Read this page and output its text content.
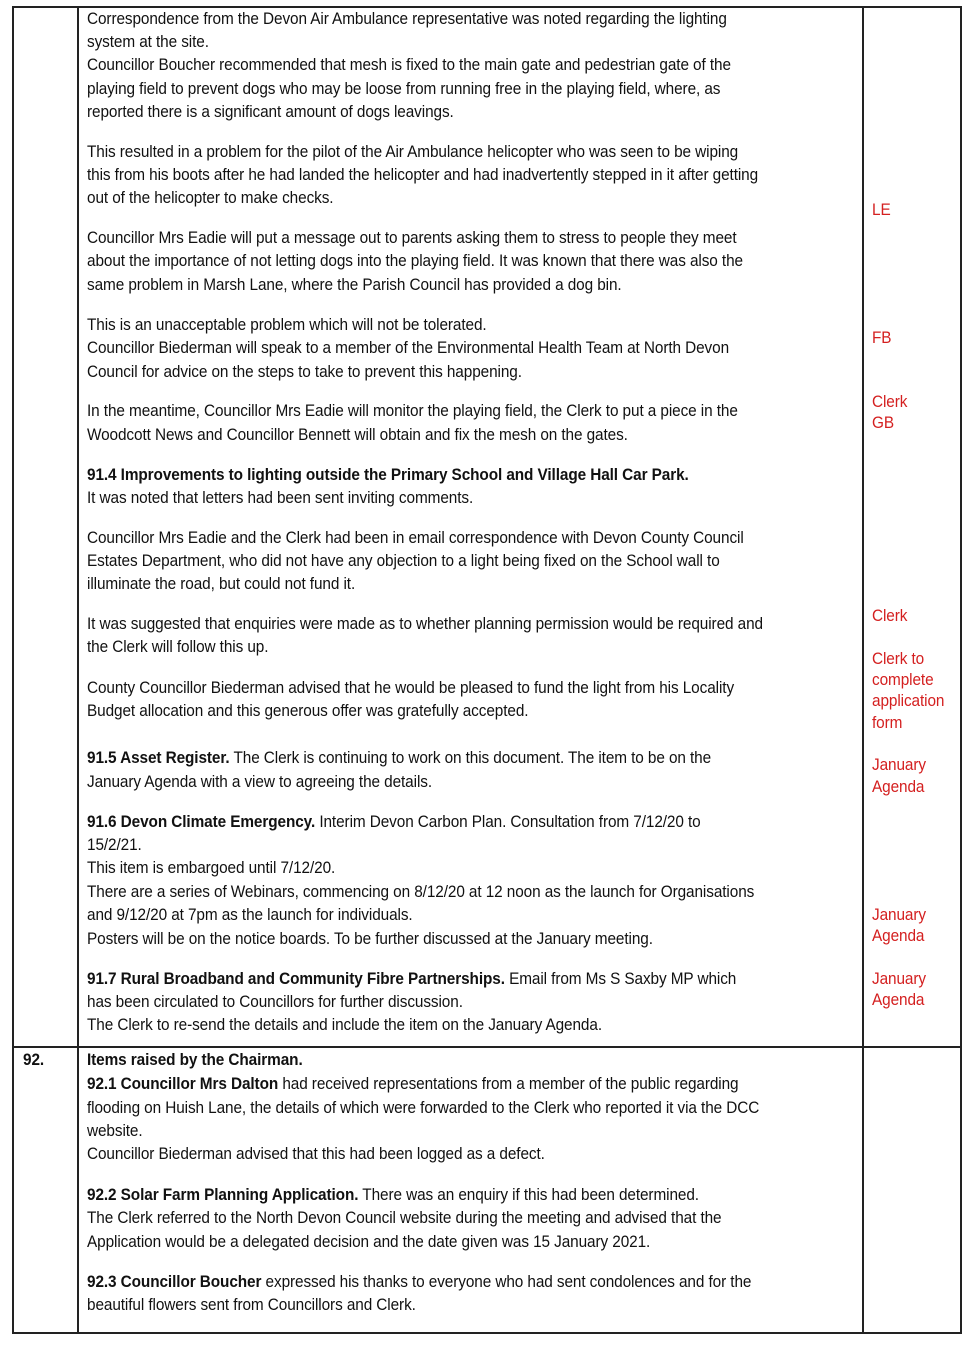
Correspondence from the Devon Air Ambulance representative was noted regarding the lighting
system at the site.
Councillor Boucher recommended that mesh is fixed to the main gate and pedestrian gate of the
playing field to prevent dogs who may be loose from running free in the playing field, where, as
reported there is a significant amount of dogs leavings.
This resulted in a problem for the pilot of the Air Ambulance helicopter who was seen to be wiping
this from his boots after he had landed the helicopter and had inadvertently stepped in it after getting
out of the helicopter to make checks.
Councillor Mrs Eadie will put a message out to parents asking them to stress to people they meet
about the importance of not letting dogs into the playing field. It was known that there was also the
same problem in Marsh Lane, where the Parish Council has provided a dog bin.
This is an unacceptable problem which will not be tolerated.
Councillor Biederman will speak to a member of the Environmental Health Team at North Devon
Council for advice on the steps to take to prevent this happening.
In the meantime, Councillor Mrs Eadie will monitor the playing field, the Clerk to put a piece in the
Woodcott News and Councillor Bennett will obtain and fix the mesh on the gates.
91.4 Improvements to lighting outside the Primary School and Village Hall Car Park.
It was noted that letters had been sent inviting comments.
Councillor Mrs Eadie and the Clerk had been in email correspondence with Devon County Council
Estates Department, who did not have any objection to a light being fixed on the School wall to
illuminate the road, but could not fund it.
It was suggested that enquiries were made as to whether planning permission would be required and
the Clerk will follow this up.
County Councillor Biederman advised that he would be pleased to fund the light from his Locality
Budget allocation and this generous offer was gratefully accepted.
91.5 Asset Register. The Clerk is continuing to work on this document. The item to be on the
January Agenda with a view to agreeing the details.
91.6 Devon Climate Emergency. Interim Devon Carbon Plan. Consultation from 7/12/20 to
15/2/21.
This item is embargoed until 7/12/20.
There are a series of Webinars, commencing on 8/12/20 at 12 noon as the launch for Organisations
and 9/12/20 at 7pm as the launch for individuals.
Posters will be on the notice boards. To be further discussed at the January meeting.
91.7 Rural Broadband and Community Fibre Partnerships. Email from Ms S Saxby MP which
has been circulated to Councillors for further discussion.
The Clerk to re-send the details and include the item on the January Agenda.
LE
FB
Clerk
GB
Clerk
Clerk to
complete
application
form
January
Agenda
January
Agenda
January
Agenda
92.	Items raised by the Chairman.
92.1 Councillor Mrs Dalton had received representations from a member of the public regarding
flooding on Huish Lane, the details of which were forwarded to the Clerk who reported it via the DCC
website.
Councillor Biederman advised that this had been logged as a defect.
92.2 Solar Farm Planning Application. There was an enquiry if this had been determined.
The Clerk referred to the North Devon Council website during the meeting and advised that the
Application would be a delegated decision and the date given was 15 January 2021.
92.3 Councillor Boucher expressed his thanks to everyone who had sent condolences and for the
beautiful flowers sent from Councillors and Clerk.
